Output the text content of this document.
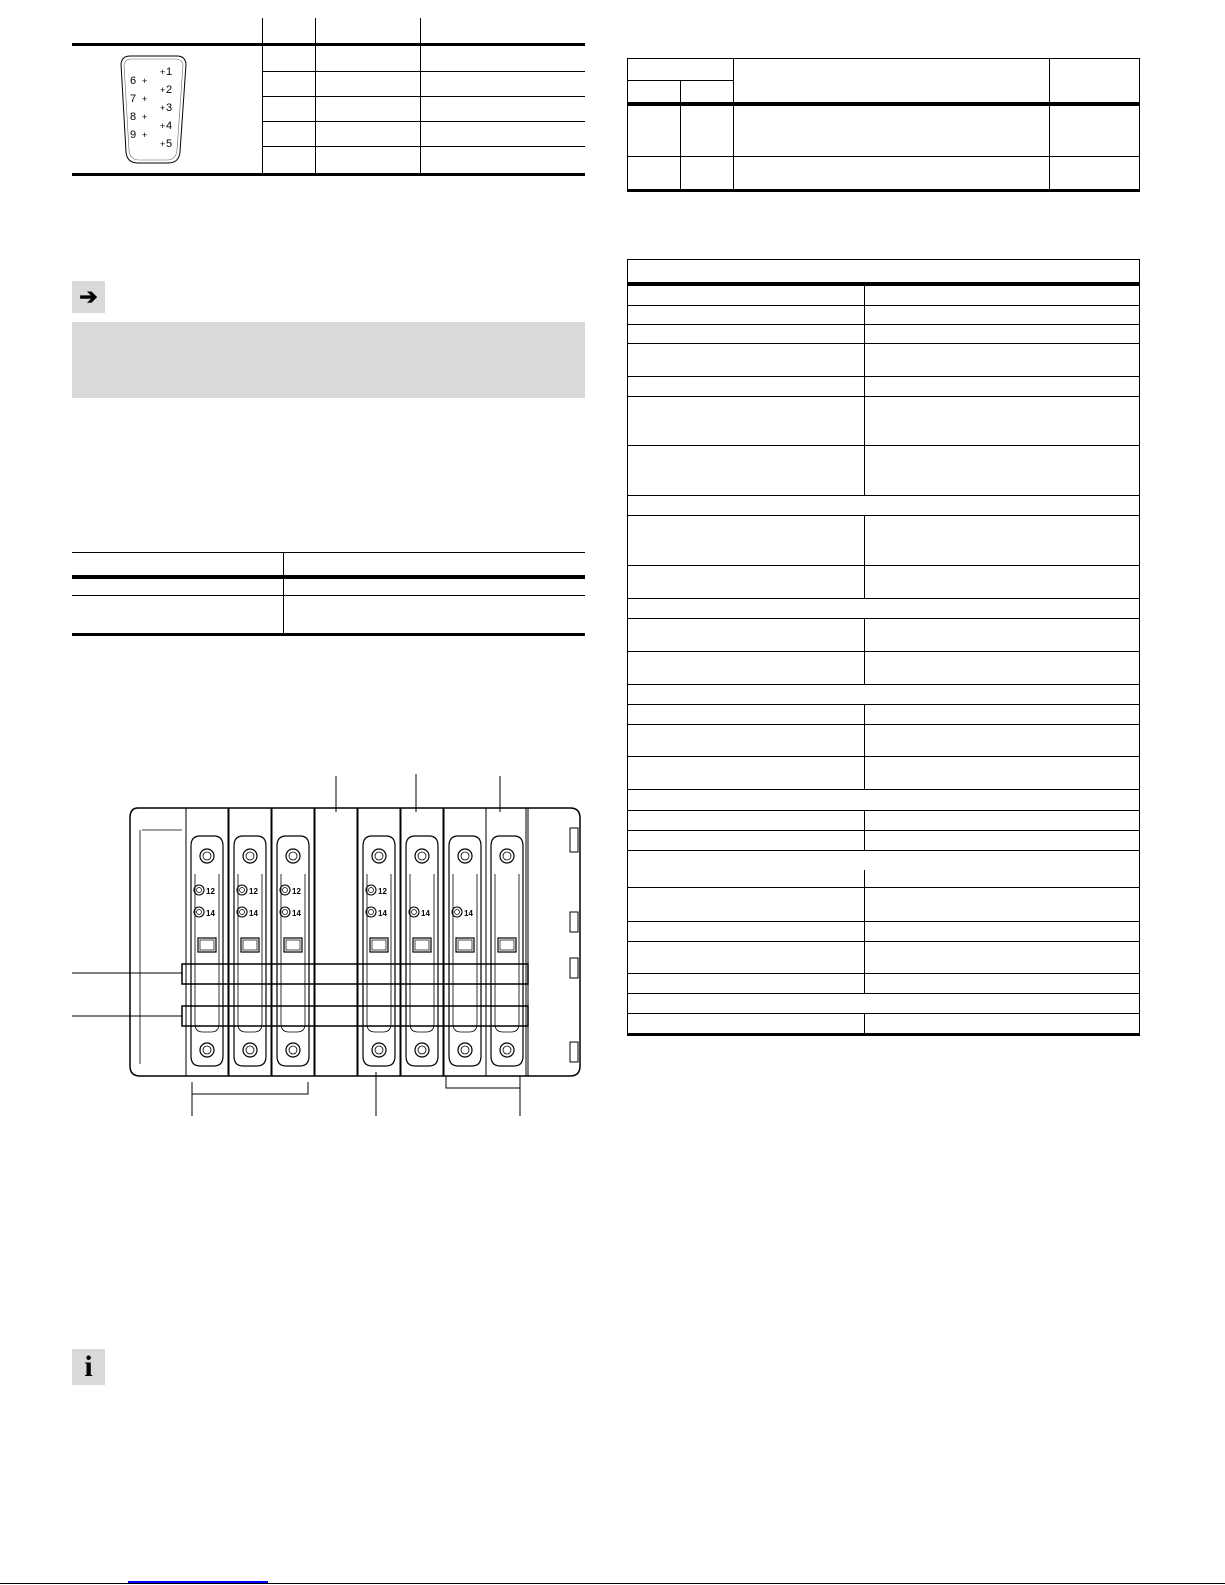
+
+
+
+
+
+
+
+
+
1
2
3
4
5
6
7
8
9
➔
12
14
12
14
12
14
12
14	14	14
i
